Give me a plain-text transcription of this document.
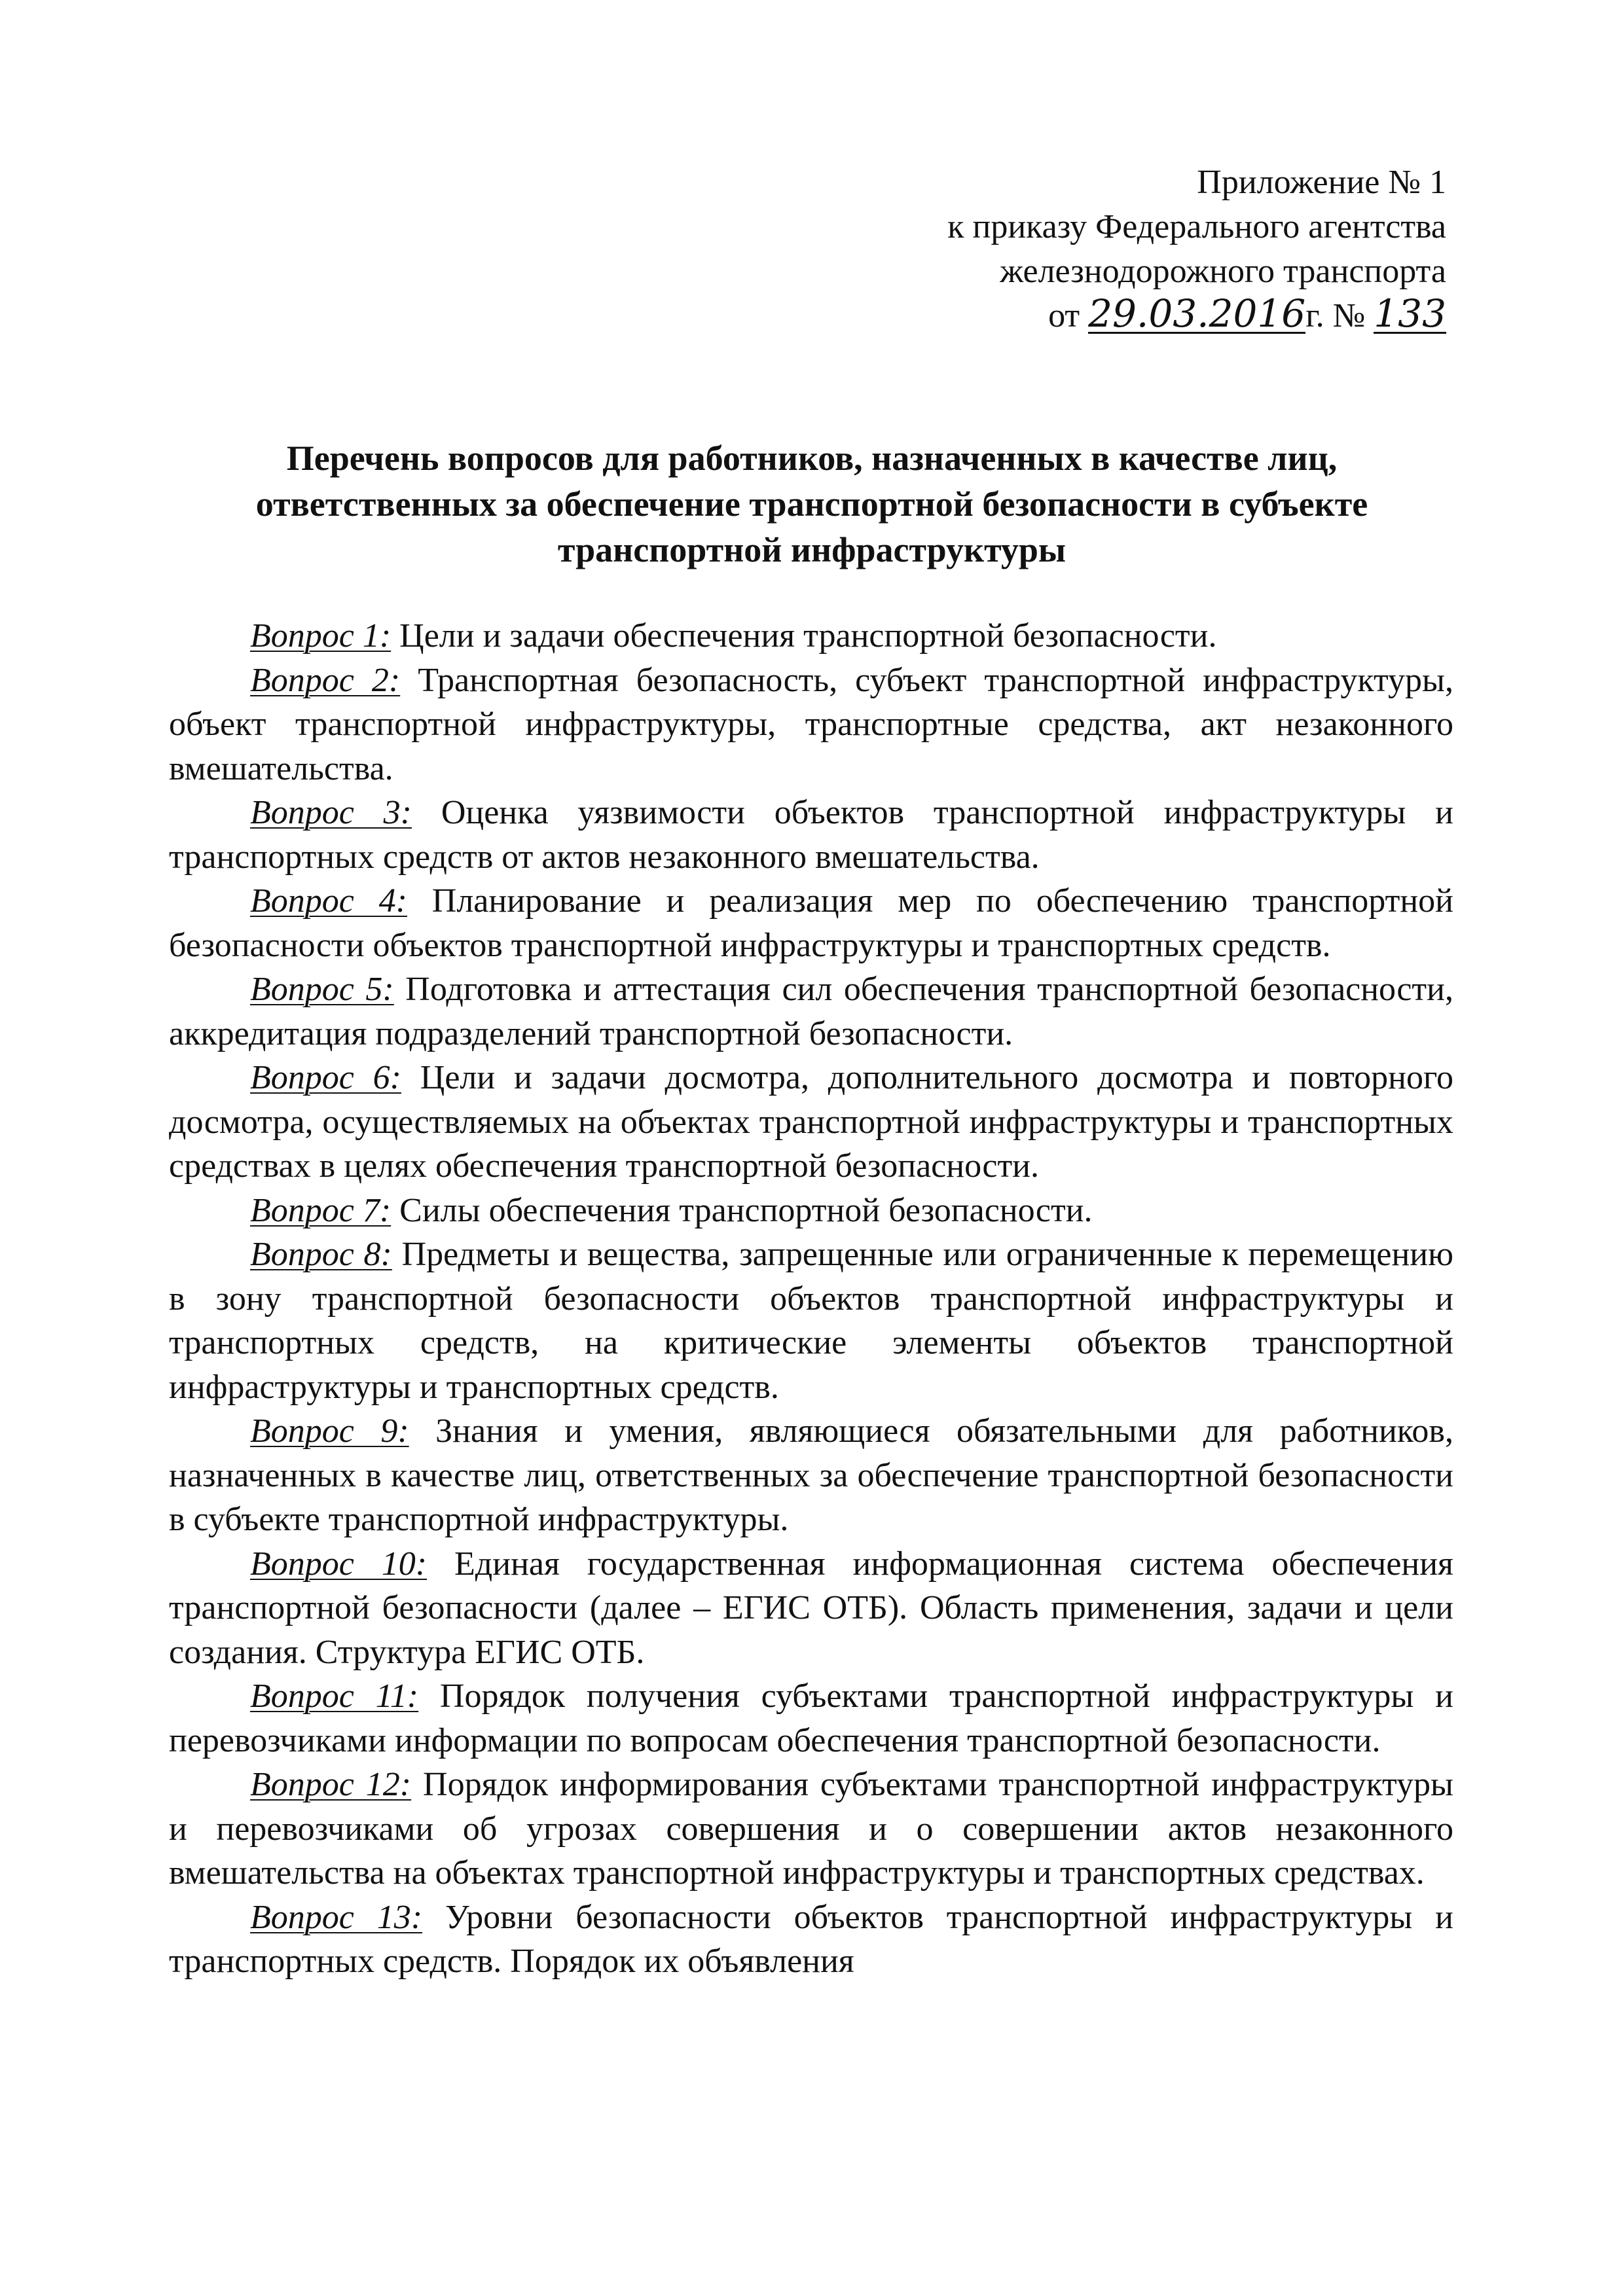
Приложение № 1
к приказу Федерального агентства
железнодорожного транспорта
от 29.03.2016г. № 133
Перечень вопросов для работников, назначенных в качестве лиц,
ответственных за обеспечение транспортной безопасности в субъекте
транспортной инфраструктуры

Вопрос 1: Цели и задачи обеспечения транспортной безопасности.

Вопрос 2: Транспортная безопасность, субъект транспортной инфраструктуры, объект транспортной инфраструктуры, транспортные средства, акт незаконного вмешательства.

Вопрос 3: Оценка уязвимости объектов транспортной инфраструктуры и транспортных средств от актов незаконного вмешательства.

Вопрос 4: Планирование и реализация мер по обеспечению транспортной безопасности объектов транспортной инфраструктуры и транспортных средств.

Вопрос 5: Подготовка и аттестация сил обеспечения транспортной безопасности, аккредитация подразделений транспортной безопасности.

Вопрос 6: Цели и задачи досмотра, дополнительного досмотра и повторного досмотра, осуществляемых на объектах транспортной инфраструктуры и транспортных средствах в целях обеспечения транспортной безопасности.

Вопрос 7: Силы обеспечения транспортной безопасности.

Вопрос 8: Предметы и вещества, запрещенные или ограниченные к перемещению в зону транспортной безопасности объектов транспортной инфраструктуры и транспортных средств, на критические элементы объектов транспортной инфраструктуры и транспортных средств.

Вопрос 9: Знания и умения, являющиеся обязательными для работников, назначенных в качестве лиц, ответственных за обеспечение транспортной безопасности в субъекте транспортной инфраструктуры.

Вопрос 10: Единая государственная информационная система обеспечения транспортной безопасности (далее – ЕГИС ОТБ). Область применения, задачи и цели создания. Структура ЕГИС ОТБ.

Вопрос 11: Порядок получения субъектами транспортной инфраструктуры и перевозчиками информации по вопросам обеспечения транспортной безопасности.

Вопрос 12: Порядок информирования субъектами транспортной инфраструктуры и перевозчиками об угрозах совершения и о совершении актов незаконного вмешательства на объектах транспортной инфраструктуры и транспортных средствах.

Вопрос 13: Уровни безопасности объектов транспортной инфраструктуры и транспортных средств. Порядок их объявления
